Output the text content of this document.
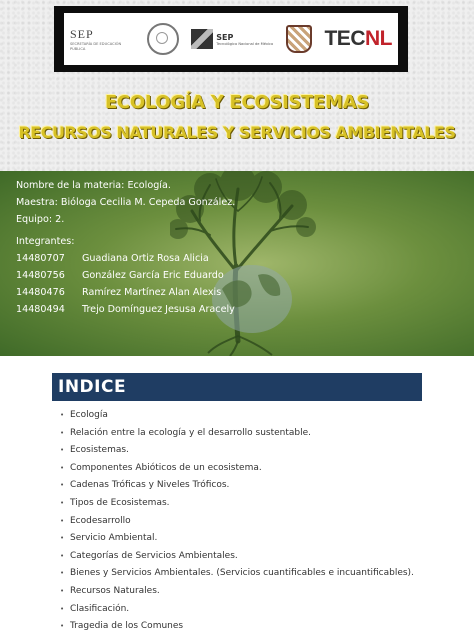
SEP
SECRETARÍA DE EDUCACIÓN PÚBLICA
SEP
Tecnológico Nacional de México TECNL
ECOLOGÍA Y ECOSISTEMAS
RECURSOS NATURALES Y SERVICIOS AMBIENTALES

Nombre de la materia: Ecología.

Maestra: Bióloga Cecilia M. Cepeda González.

Equipo: 2.

Integrantes:

14480707	Guadiana Ortiz Rosa Alicia
14480756	González García Eric Eduardo
14480476	Ramírez Martínez Alan Alexis
14480494	Trejo Domínguez Jesusa Aracely
INDICE
• Ecología
• Relación entre la ecología y el desarrollo sustentable.
• Ecosistemas.
• Componentes Abióticos de un ecosistema.
• Cadenas Tróficas y Niveles Tróficos.
• Tipos de Ecosistemas.
• Ecodesarrollo
• Servicio Ambiental.
• Categorías de Servicios Ambientales.
• Bienes y Servicios Ambientales. (Servicios cuantificables e incuantificables).
• Recursos Naturales.
• Clasificación.
• Tragedia de los Comunes
